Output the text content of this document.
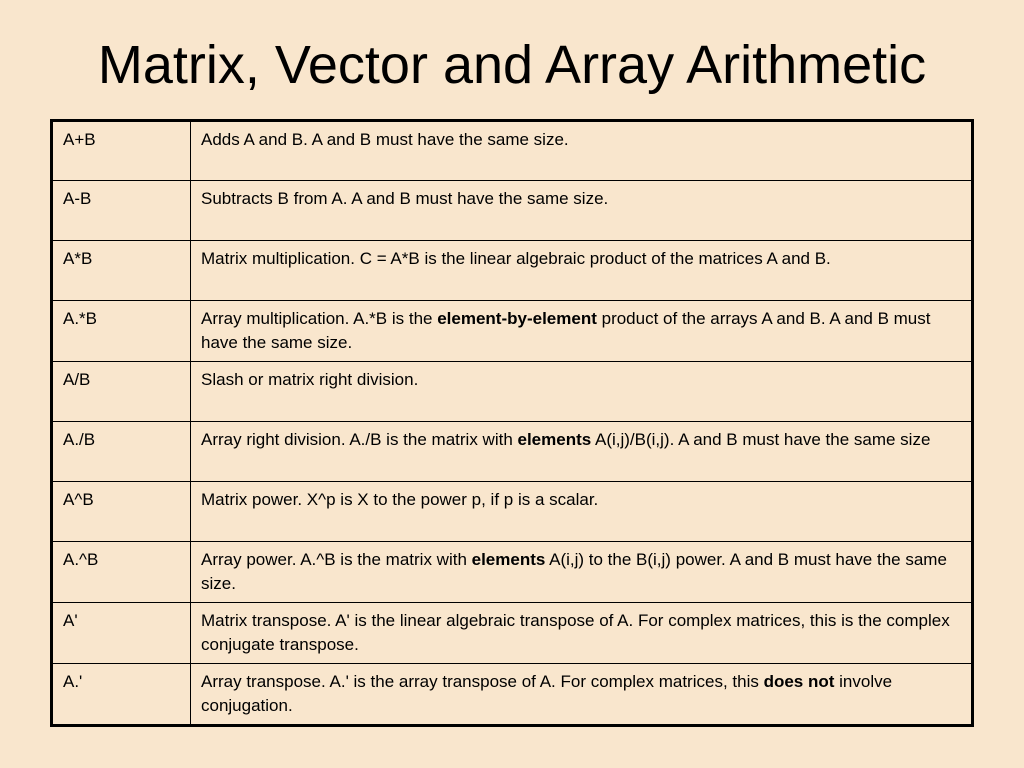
Matrix, Vector and Array Arithmetic
A+B	Adds A and B. A and B must have the same size.
A-B	Subtracts B from A. A and B must have the same size.
A*B	Matrix multiplication. C = A*B is the linear algebraic product of the matrices A and B.
A.*B	Array multiplication. A.*B is the element-by-element product of the arrays A and B. A and B must have the same size.
A/B	Slash or matrix right division.
A./B	Array right division. A./B is the matrix with elements A(i,j)/B(i,j). A and B must have the same size
A^B	Matrix power. X^p is X to the power p, if p is a scalar.
A.^B	Array power. A.^B is the matrix with elements A(i,j) to the B(i,j) power. A and B must have the same size.
A'	Matrix transpose. A' is the linear algebraic transpose of A. For complex matrices, this is the complex conjugate transpose.
A.'	Array transpose. A.' is the array transpose of A. For complex matrices, this does not involve conjugation.
